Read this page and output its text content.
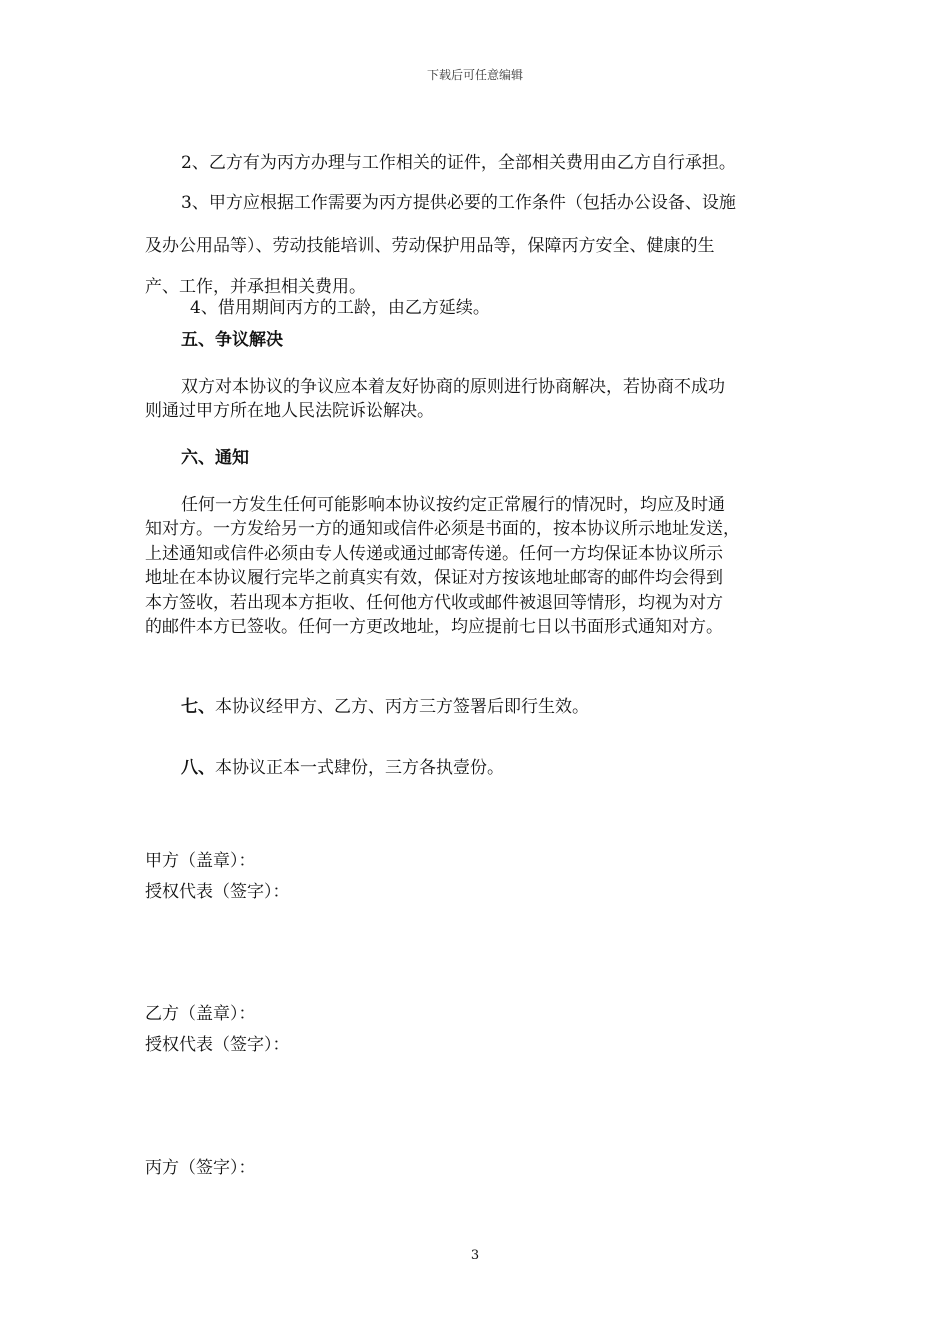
下载后可任意编辑
2、乙方有为丙方办理与工作相关的证件，全部相关费用由乙方自行承担。
3、甲方应根据工作需要为丙方提供必要的工作条件（包括办公设备、设施
及办公用品等）、劳动技能培训、劳动保护用品等，保障丙方安全、健康的生
产、工作，并承担相关费用。
4、借用期间丙方的工龄，由乙方延续。
五、争议解决
双方对本协议的争议应本着友好协商的原则进行协商解决，若协商不成功
则通过甲方所在地人民法院诉讼解决。
六、通知
任何一方发生任何可能影响本协议按约定正常履行的情况时，均应及时通
知对方。一方发给另一方的通知或信件必须是书面的，按本协议所示地址发送，
上述通知或信件必须由专人传递或通过邮寄传递。任何一方均保证本协议所示
地址在本协议履行完毕之前真实有效，保证对方按该地址邮寄的邮件均会得到
本方签收，若出现本方拒收、任何他方代收或邮件被退回等情形，均视为对方
的邮件本方已签收。任何一方更改地址，均应提前七日以书面形式通知对方。
七、本协议经甲方、乙方、丙方三方签署后即行生效。
八、本协议正本一式肆份，三方各执壹份。
甲方（盖章）：
授权代表（签字）：
乙方（盖章）：
授权代表（签字）：
丙方（签字）：
3
